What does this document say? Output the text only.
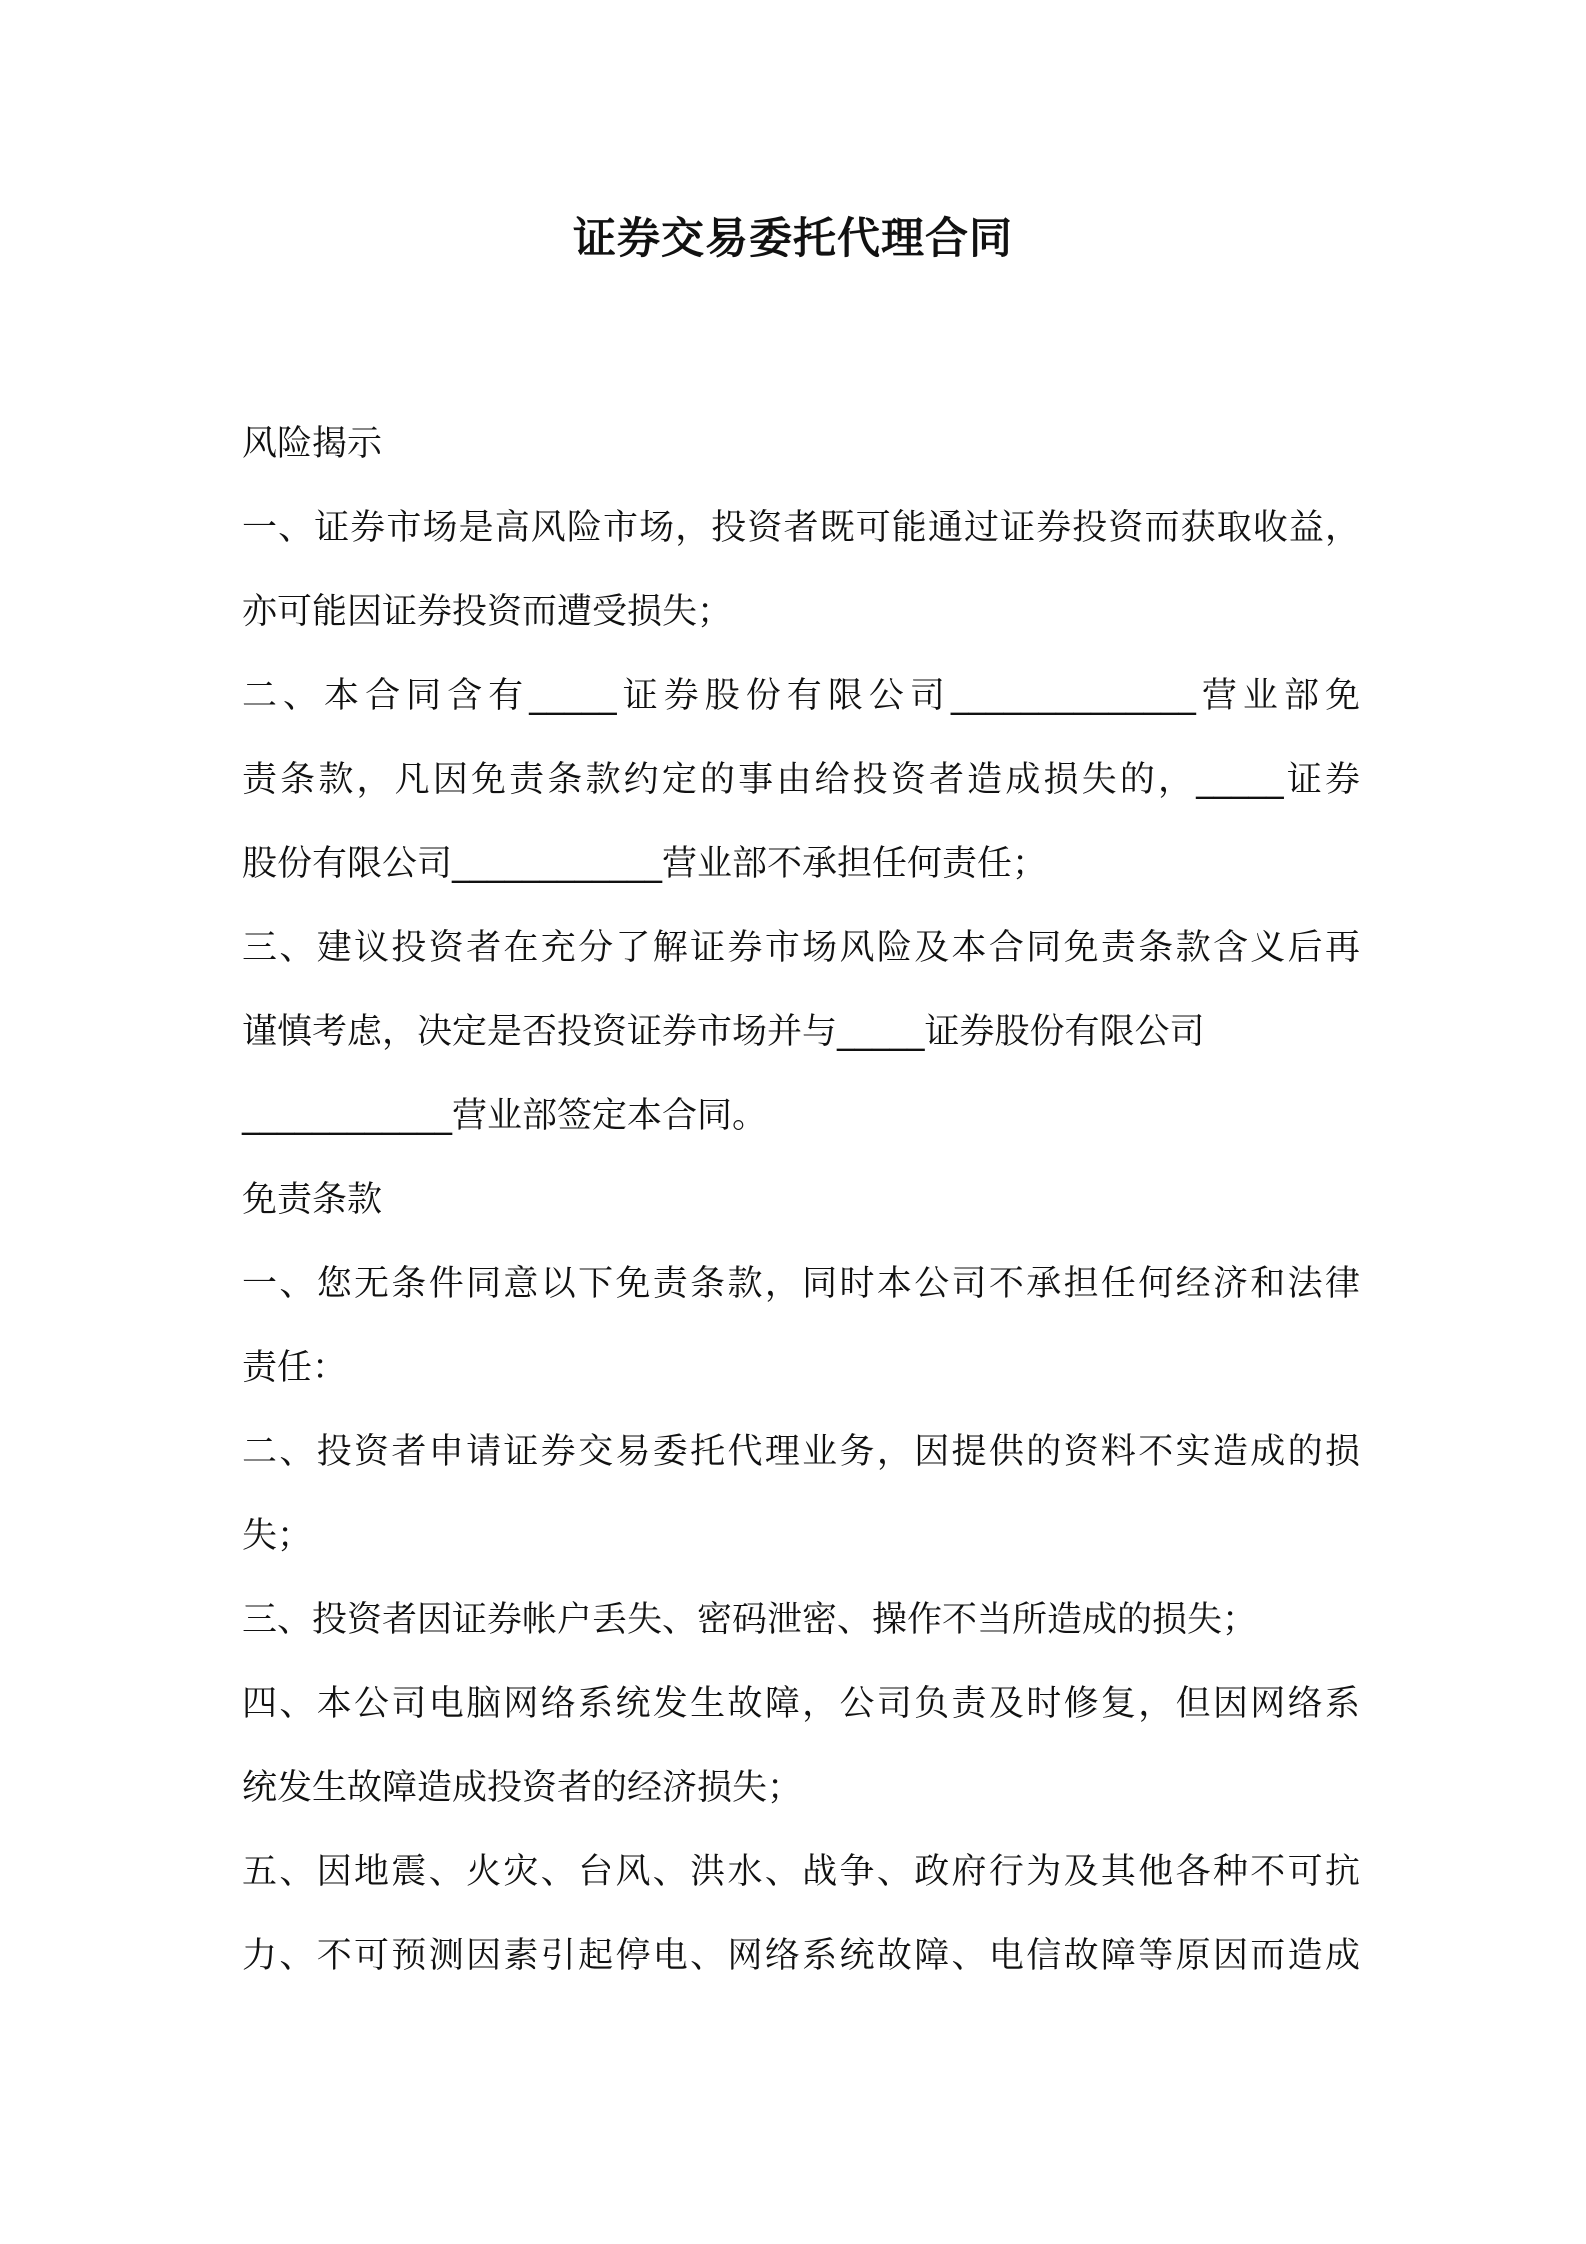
证券交易委托代理合同
风险揭示
一、证券市场是高风险市场，投资者既可能通过证券投资而获取收益，
亦可能因证券投资而遭受损失；
二、本合同含有_____证券股份有限公司______________营业部免
责条款，凡因免责条款约定的事由给投资者造成损失的，_____证券
股份有限公司____________营业部不承担任何责任；
三、建议投资者在充分了解证券市场风险及本合同免责条款含义后再
谨慎考虑，决定是否投资证券市场并与_____证券股份有限公司
____________营业部签定本合同。
免责条款
一、您无条件同意以下免责条款，同时本公司不承担任何经济和法律
责任：
二、投资者申请证券交易委托代理业务，因提供的资料不实造成的损
失；
三、投资者因证券帐户丢失、密码泄密、操作不当所造成的损失；
四、本公司电脑网络系统发生故障，公司负责及时修复，但因网络系
统发生故障造成投资者的经济损失；
五、因地震、火灾、台风、洪水、战争、政府行为及其他各种不可抗
力、不可预测因素引起停电、网络系统故障、电信故障等原因而造成
